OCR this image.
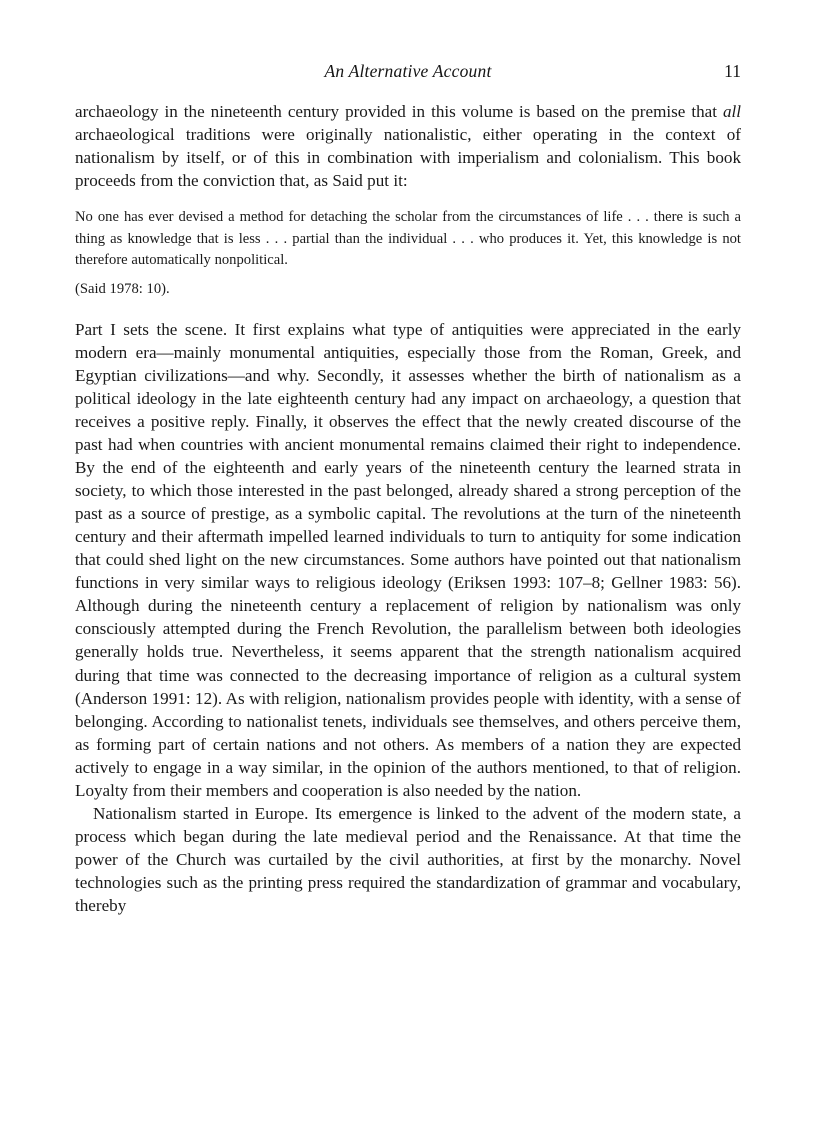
An Alternative Account	11

archaeology in the nineteenth century provided in this volume is based on the premise that all archaeological traditions were originally nationalistic, either operating in the context of nationalism by itself, or of this in combination with imperialism and colonialism. This book proceeds from the conviction that, as Said put it:

No one has ever devised a method for detaching the scholar from the circumstances of life . . . there is such a thing as knowledge that is less . . . partial than the individual . . . who produces it. Yet, this knowledge is not therefore automatically nonpolitical.

(Said 1978: 10).

Part I sets the scene. It first explains what type of antiquities were appreciated in the early modern era—mainly monumental antiquities, especially those from the Roman, Greek, and Egyptian civilizations—and why. Secondly, it assesses whether the birth of nationalism as a political ideology in the late eighteenth century had any impact on archaeology, a question that receives a positive reply. Finally, it observes the effect that the newly created discourse of the past had when countries with ancient monumental remains claimed their right to independence. By the end of the eighteenth and early years of the nineteenth century the learned strata in society, to which those interested in the past belonged, already shared a strong perception of the past as a source of prestige, as a symbolic capital. The revolutions at the turn of the nineteenth century and their aftermath impelled learned individuals to turn to antiquity for some indication that could shed light on the new circumstances. Some authors have pointed out that nationalism functions in very similar ways to religious ideology (Eriksen 1993: 107–8; Gellner 1983: 56). Although during the nineteenth century a replacement of religion by nationalism was only consciously attempted during the French Revolution, the parallelism between both ideologies generally holds true. Nevertheless, it seems apparent that the strength nationalism acquired during that time was connected to the decreasing importance of religion as a cultural system (Anderson 1991: 12). As with religion, nationalism provides people with identity, with a sense of belonging. According to nationalist tenets, individuals see themselves, and others perceive them, as forming part of certain nations and not others. As members of a nation they are expected actively to engage in a way similar, in the opinion of the authors mentioned, to that of religion. Loyalty from their members and cooperation is also needed by the nation.

Nationalism started in Europe. Its emergence is linked to the advent of the modern state, a process which began during the late medieval period and the Renaissance. At that time the power of the Church was curtailed by the civil authorities, at first by the monarchy. Novel technologies such as the printing press required the standardization of grammar and vocabulary, thereby
